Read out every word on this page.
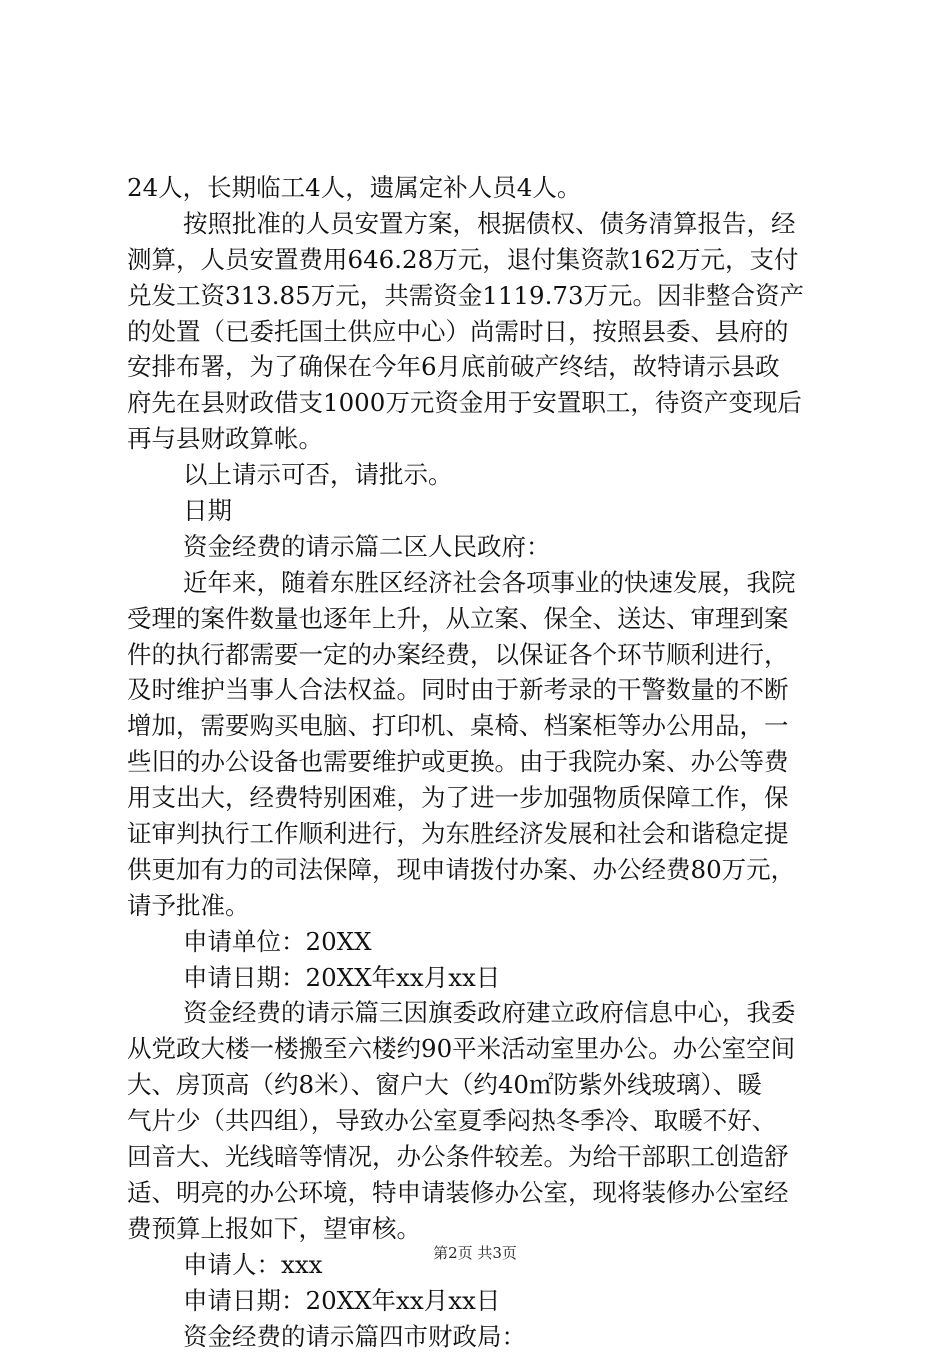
24人，长期临工4人，遗属定补人员4人。
按照批准的人员安置方案，根据债权、债务清算报告，经
测算，人员安置费用646.28万元，退付集资款162万元，支付
兑发工资313.85万元，共需资金1119.73万元。因非整合资产
的处置（已委托国土供应中心）尚需时日，按照县委、县府的
安排布署，为了确保在今年6月底前破产终结，故特请示县政
府先在县财政借支1000万元资金用于安置职工，待资产变现后
再与县财政算帐。
以上请示可否，请批示。
日期
资金经费的请示篇二区人民政府：
近年来，随着东胜区经济社会各项事业的快速发展，我院
受理的案件数量也逐年上升，从立案、保全、送达、审理到案
件的执行都需要一定的办案经费，以保证各个环节顺利进行，
及时维护当事人合法权益。同时由于新考录的干警数量的不断
增加，需要购买电脑、打印机、桌椅、档案柜等办公用品，一
些旧的办公设备也需要维护或更换。由于我院办案、办公等费
用支出大，经费特别困难，为了进一步加强物质保障工作，保
证审判执行工作顺利进行，为东胜经济发展和社会和谐稳定提
供更加有力的司法保障，现申请拨付办案、办公经费80万元，
请予批准。
申请单位：20XX
申请日期：20XX年xx月xx日
资金经费的请示篇三因旗委政府建立政府信息中心，我委
从党政大楼一楼搬至六楼约90平米活动室里办公。办公室空间
大、房顶高（约8米）、窗户大（约40㎡防紫外线玻璃）、暖
气片少（共四组），导致办公室夏季闷热冬季冷、取暖不好、
回音大、光线暗等情况，办公条件较差。为给干部职工创造舒
适、明亮的办公环境，特申请装修办公室，现将装修办公室经
费预算上报如下，望审核。
申请人：xxx
申请日期：20XX年xx月xx日
资金经费的请示篇四市财政局：
第2页 共3页
